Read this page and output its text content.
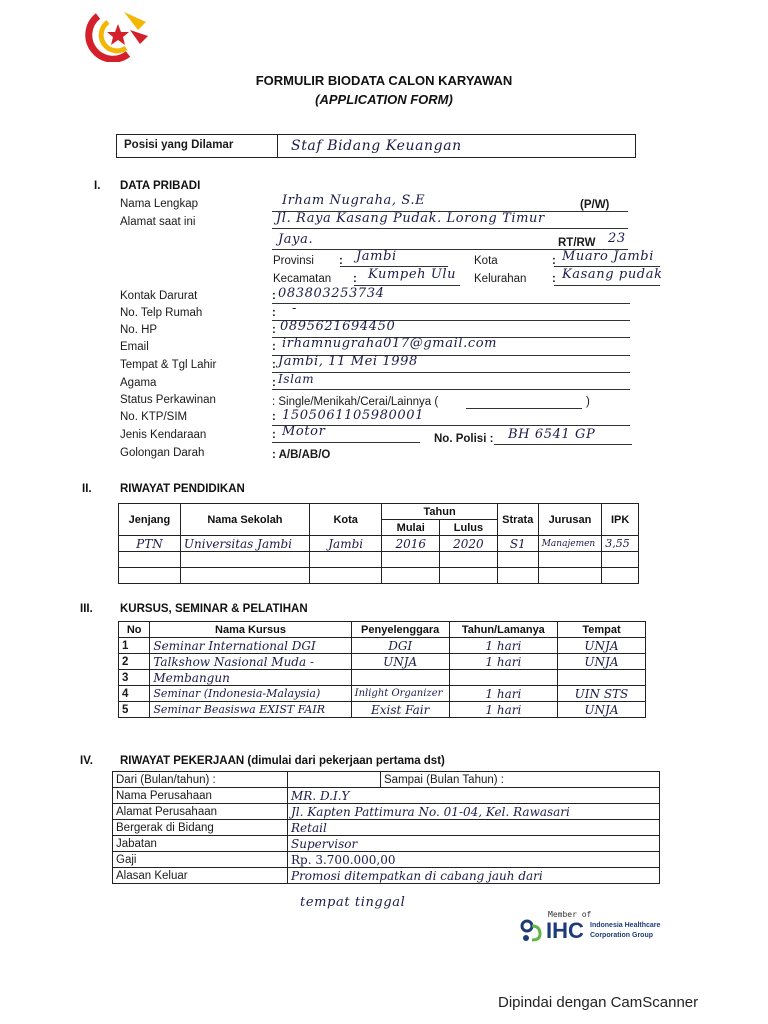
FORMULIR BIODATA CALON KARYAWAN
(APPLICATION FORM)
Posisi yang Dilamar	Staf Bidang Keuangan
I. DATA PRIBADI
Nama Lengkap	Irham Nugraha, S.E	(P/W)
Alamat saat ini	Jl. Raya Kasang Pudak. Lorong Timur
Jaya.	RT/RW 23
Provinsi : Jambi	Kota	: Muaro Jambi
Kecamatan : Kumpeh Ulu Kelurahan : Kasang pudak
Kontak Darurat	: 083803253734
No. Telp Rumah	: -
No. HP	: 0895621694450
Email	: irhamnugraha017@gmail.com
Tempat & Tgl Lahir	: Jambi, 11 Mei 1998
Agama	: Islam
Status Perkawinan	: Single/Menikah/Cerai/Lainnya (	)
No. KTP/SIM	: 1505061105980001
Jenis Kendaraan	: Motor	No. Polisi : BH 6541 GP
Golongan Darah	: A/B/AB/O
II. RIWAYAT PENDIDIKAN
Jenjang	Nama Sekolah	Kota	Tahun		Strata	Jurusan	IPK
			Mulai	Lulus			
PTN	Universitas Jambi	Jambi	2016	2020	S1	Manajemen	3,55

III. KURSUS, SEMINAR & PELATIHAN
No	Nama Kursus	Penyelenggara	Tahun/Lamanya	Tempat
1	Seminar International DGI	DGI	1 hari	UNJA
2	Talkshow Nasional Muda -	UNJA	1 hari	UNJA
3	Membangun			
4	Seminar (Indonesia-Malaysia)	Inlight Organizer	1 hari	UIN STS
5	Seminar Beasiswa EXIST FAIR	Exist Fair	1 hari	UNJA
IV. RIWAYAT PEKERJAAN (dimulai dari pekerjaan pertama dst)
Dari (Bulan/tahun) :		Sampai (Bulan Tahun) :
Nama Perusahaan	MR. D.I.Y	
Alamat Perusahaan	Jl. Kapten Pattimura No. 01-04, Kel. Rawasari	
Bergerak di Bidang	Retail	
Jabatan	Supervisor	
Gaji	Rp. 3.700.000,00	
Alasan Keluar	Promosi ditempatkan di cabang jauh dari	
tempat tinggal
Member of
IHC Indonesia Healthcare
Corporation Group
Dipindai dengan CamScanner
